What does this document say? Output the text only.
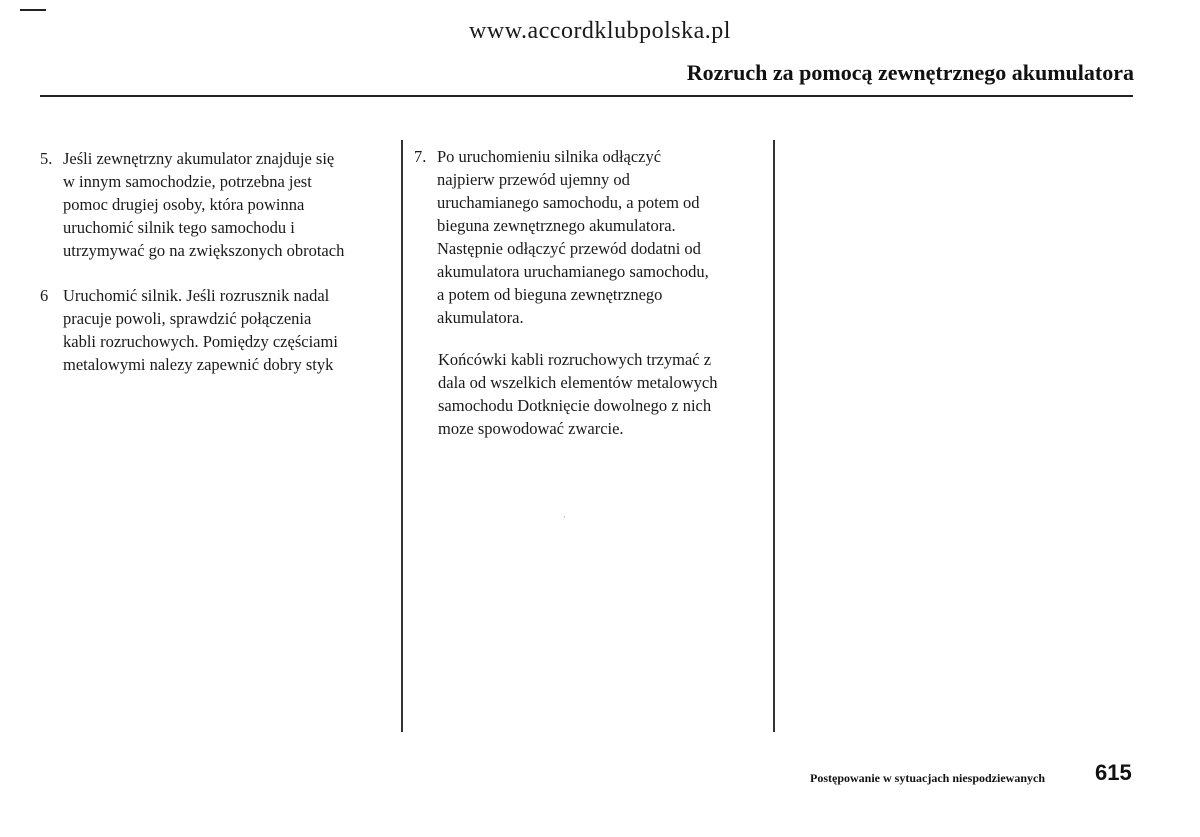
www.accordklubpolska.pl
Rozruch za pomocą zewnętrznego akumulatora
5. Jeśli zewnętrzny akumulator znajduje się
w innym samochodzie, potrzebna jest
pomoc drugiej osoby, która powinna
uruchomić silnik tego samochodu i
utrzymywać go na zwiększonych obrotach
6 Uruchomić silnik. Jeśli rozrusznik nadal
pracuje powoli, sprawdzić połączenia
kabli rozruchowych. Pomiędzy częściami
metalowymi nalezy zapewnić dobry styk
7. Po uruchomieniu silnika odłączyć
najpierw przewód ujemny od
uruchamianego samochodu, a potem od
bieguna zewnętrznego akumulatora.
Następnie odłączyć przewód dodatni od
akumulatora uruchamianego samochodu,
a potem od bieguna zewnętrznego
akumulatora.
Końcówki kabli rozruchowych trzymać z
dala od wszelkich elementów metalowych
samochodu Dotknięcie dowolnego z nich
moze spowodować zwarcie.
`
Postępowanie w sytuacjach niespodziewanych 615
